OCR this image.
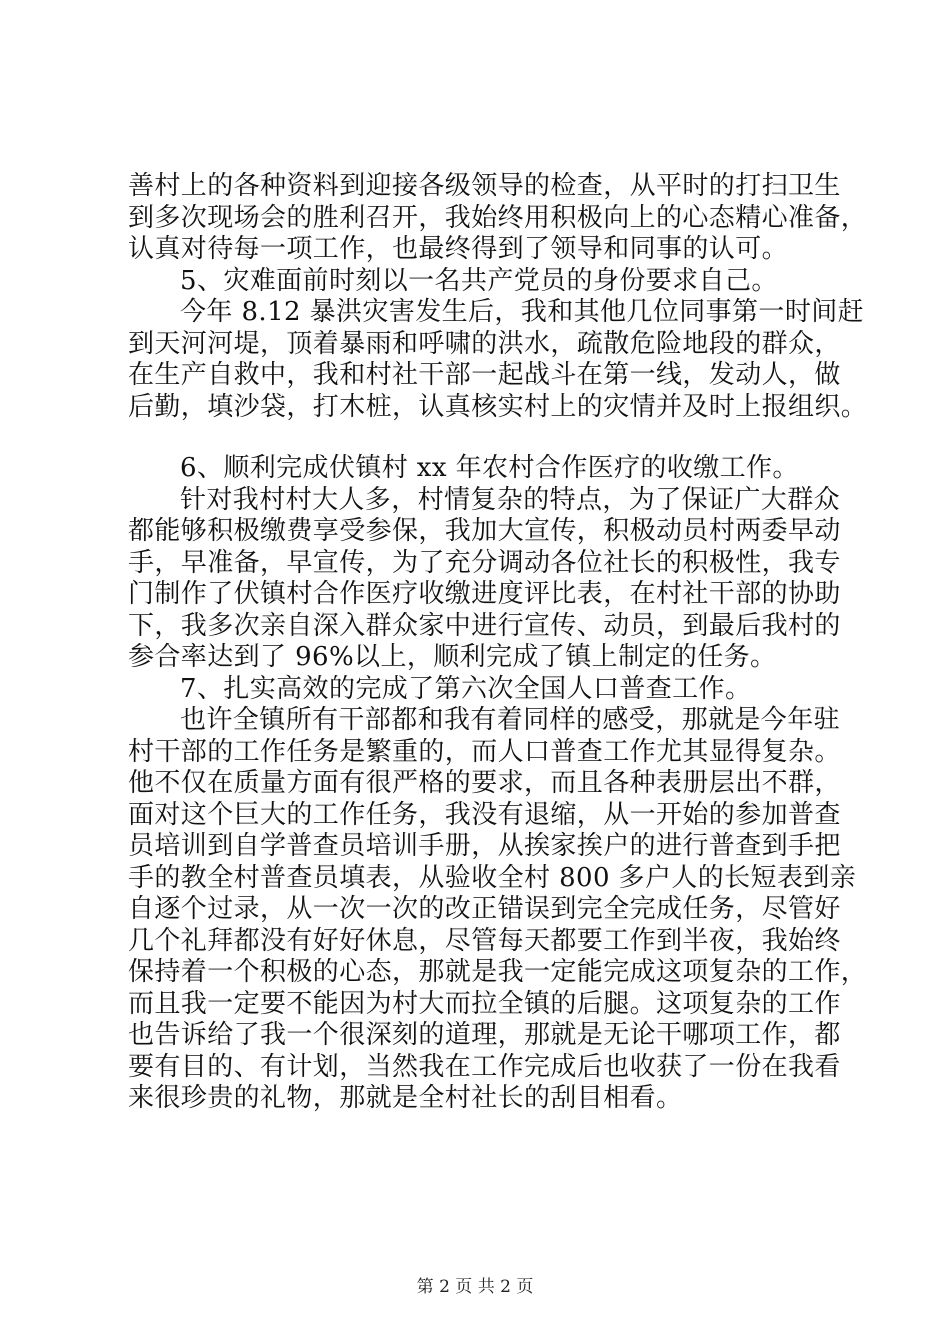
善村上的各种资料到迎接各级领导的检查，从平时的打扫卫生
到多次现场会的胜利召开，我始终用积极向上的心态精心准备，
认真对待每一项工作，也最终得到了领导和同事的认可。
5、灾难面前时刻以一名共产党员的身份要求自己。
今年 8.12 暴洪灾害发生后，我和其他几位同事第一时间赶
到天河河堤，顶着暴雨和呼啸的洪水，疏散危险地段的群众，
在生产自救中，我和村社干部一起战斗在第一线，发动人，做
后勤，填沙袋，打木桩，认真核实村上的灾情并及时上报组织。
6、顺利完成伏镇村 xx 年农村合作医疗的收缴工作。
针对我村村大人多，村情复杂的特点，为了保证广大群众
都能够积极缴费享受参保，我加大宣传，积极动员村两委早动
手，早准备，早宣传，为了充分调动各位社长的积极性，我专
门制作了伏镇村合作医疗收缴进度评比表，在村社干部的协助
下，我多次亲自深入群众家中进行宣传、动员，到最后我村的
参合率达到了 96%以上，顺利完成了镇上制定的任务。
7、扎实高效的完成了第六次全国人口普查工作。
也许全镇所有干部都和我有着同样的感受，那就是今年驻
村干部的工作任务是繁重的，而人口普查工作尤其显得复杂。
他不仅在质量方面有很严格的要求，而且各种表册层出不群，
面对这个巨大的工作任务，我没有退缩，从一开始的参加普查
员培训到自学普查员培训手册，从挨家挨户的进行普查到手把
手的教全村普查员填表，从验收全村 800 多户人的长短表到亲
自逐个过录，从一次一次的改正错误到完全完成任务，尽管好
几个礼拜都没有好好休息，尽管每天都要工作到半夜，我始终
保持着一个积极的心态，那就是我一定能完成这项复杂的工作，
而且我一定要不能因为村大而拉全镇的后腿。这项复杂的工作
也告诉给了我一个很深刻的道理，那就是无论干哪项工作，都
要有目的、有计划，当然我在工作完成后也收获了一份在我看
来很珍贵的礼物，那就是全村社长的刮目相看。
第 2 页 共 2 页
